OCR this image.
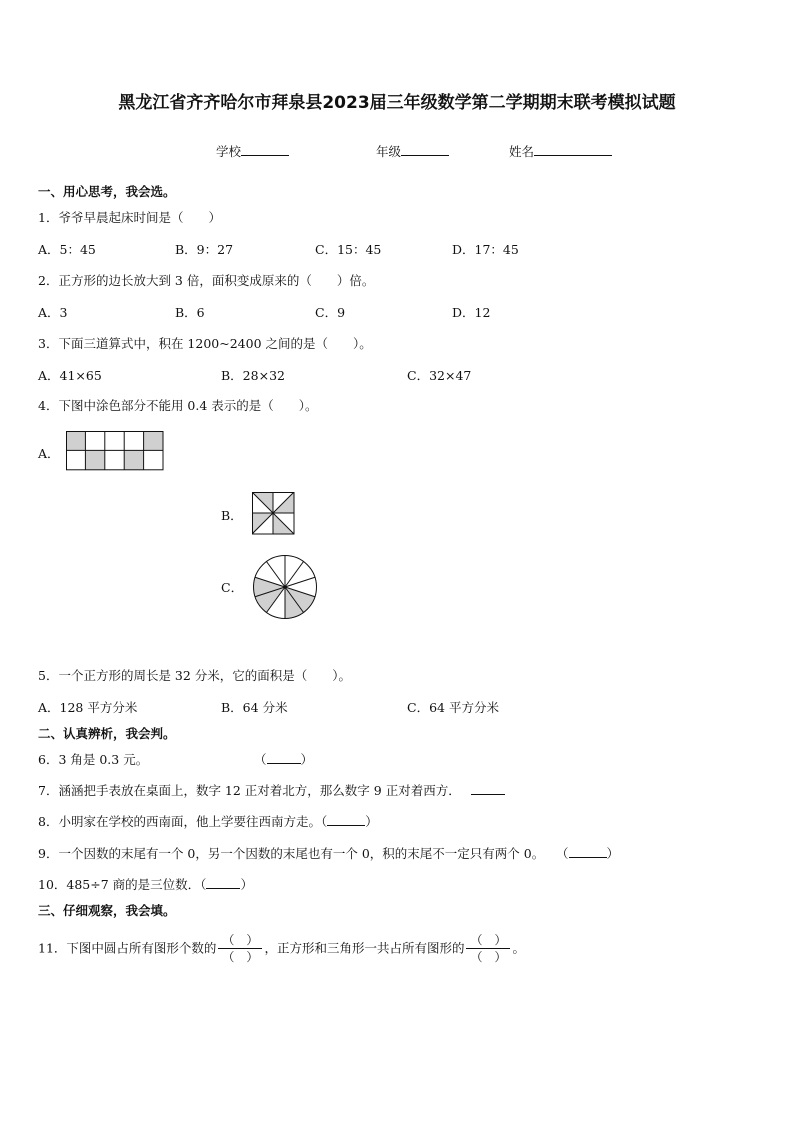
黑龙江省齐齐哈尔市拜泉县2023届三年级数学第二学期期末联考模拟试题
学校	年级	姓名
一、用心思考，我会选。
1．爷爷早晨起床时间是（　　）
A．5：45	B．9：27	C．15：45	D．17：45
2．正方形的边长放大到 3 倍，面积变成原来的（　　）倍。
A．3	B．6	C．9	D．12
3．下面三道算式中，积在 1200~2400 之间的是（　　）。
A．41×65	B．28×32	C．32×47
4．下图中涂色部分不能用 0.4 表示的是（　　）。
A．
B．
C．
5．一个正方形的周长是 32 分米，它的面积是（　　）。
A．128 平方分米	B．64 分米	C．64 平方分米
二、认真辨析，我会判。
6．3 角是 0.3 元。	（	）
7．涵涵把手表放在桌面上，数字 12 正对着北方，那么数字 9 正对着西方．
8．小明家在学校的西南面，他上学要往西南方走。（	）
9．一个因数的末尾有一个 0，另一个因数的末尾也有一个 0，积的末尾不一定只有两个 0。 （	）
10．485÷7 商的是三位数．（	）
三、仔细观察，我会填。
11．下图中圆占所有图形个数的 $\frac{( )}{( )}$ ，正方形和三角形一共占所有图形的 $\frac{( )}{( )}$ 。
